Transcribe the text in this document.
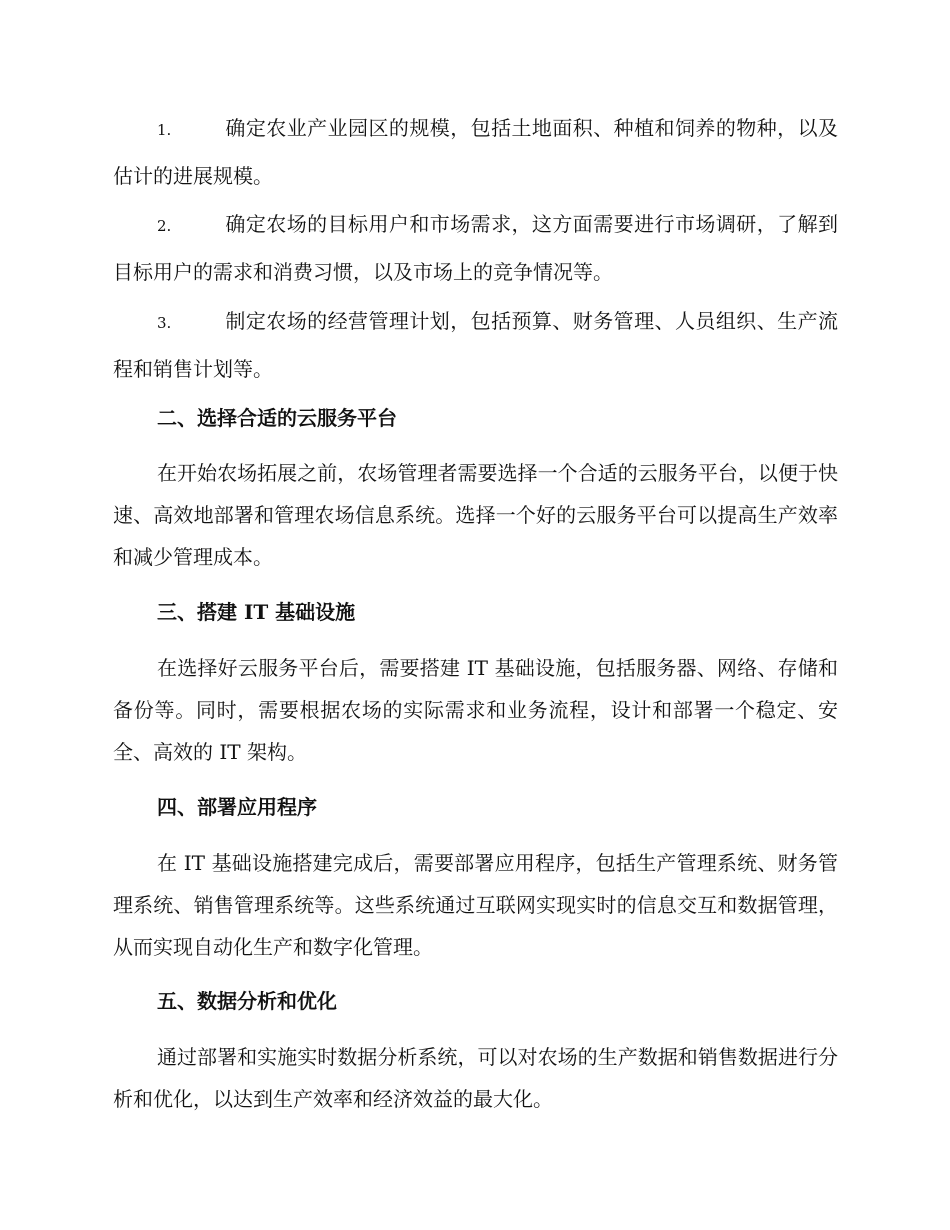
1.	确定农业产业园区的规模，包括土地面积、种植和饲养的物种，以及估计的进展规模。
2.	确定农场的目标用户和市场需求，这方面需要进行市场调研，了解到目标用户的需求和消费习惯，以及市场上的竞争情况等。
3.	制定农场的经营管理计划，包括预算、财务管理、人员组织、生产流程和销售计划等。
二、选择合适的云服务平台
在开始农场拓展之前，农场管理者需要选择一个合适的云服务平台，以便于快速、高效地部署和管理农场信息系统。选择一个好的云服务平台可以提高生产效率和减少管理成本。
三、搭建 IT 基础设施
在选择好云服务平台后，需要搭建 IT 基础设施，包括服务器、网络、存储和备份等。同时，需要根据农场的实际需求和业务流程，设计和部署一个稳定、安全、高效的 IT 架构。
四、部署应用程序
在 IT 基础设施搭建完成后，需要部署应用程序，包括生产管理系统、财务管理系统、销售管理系统等。这些系统通过互联网实现实时的信息交互和数据管理，从而实现自动化生产和数字化管理。
五、数据分析和优化
通过部署和实施实时数据分析系统，可以对农场的生产数据和销售数据进行分析和优化，以达到生产效率和经济效益的最大化。
